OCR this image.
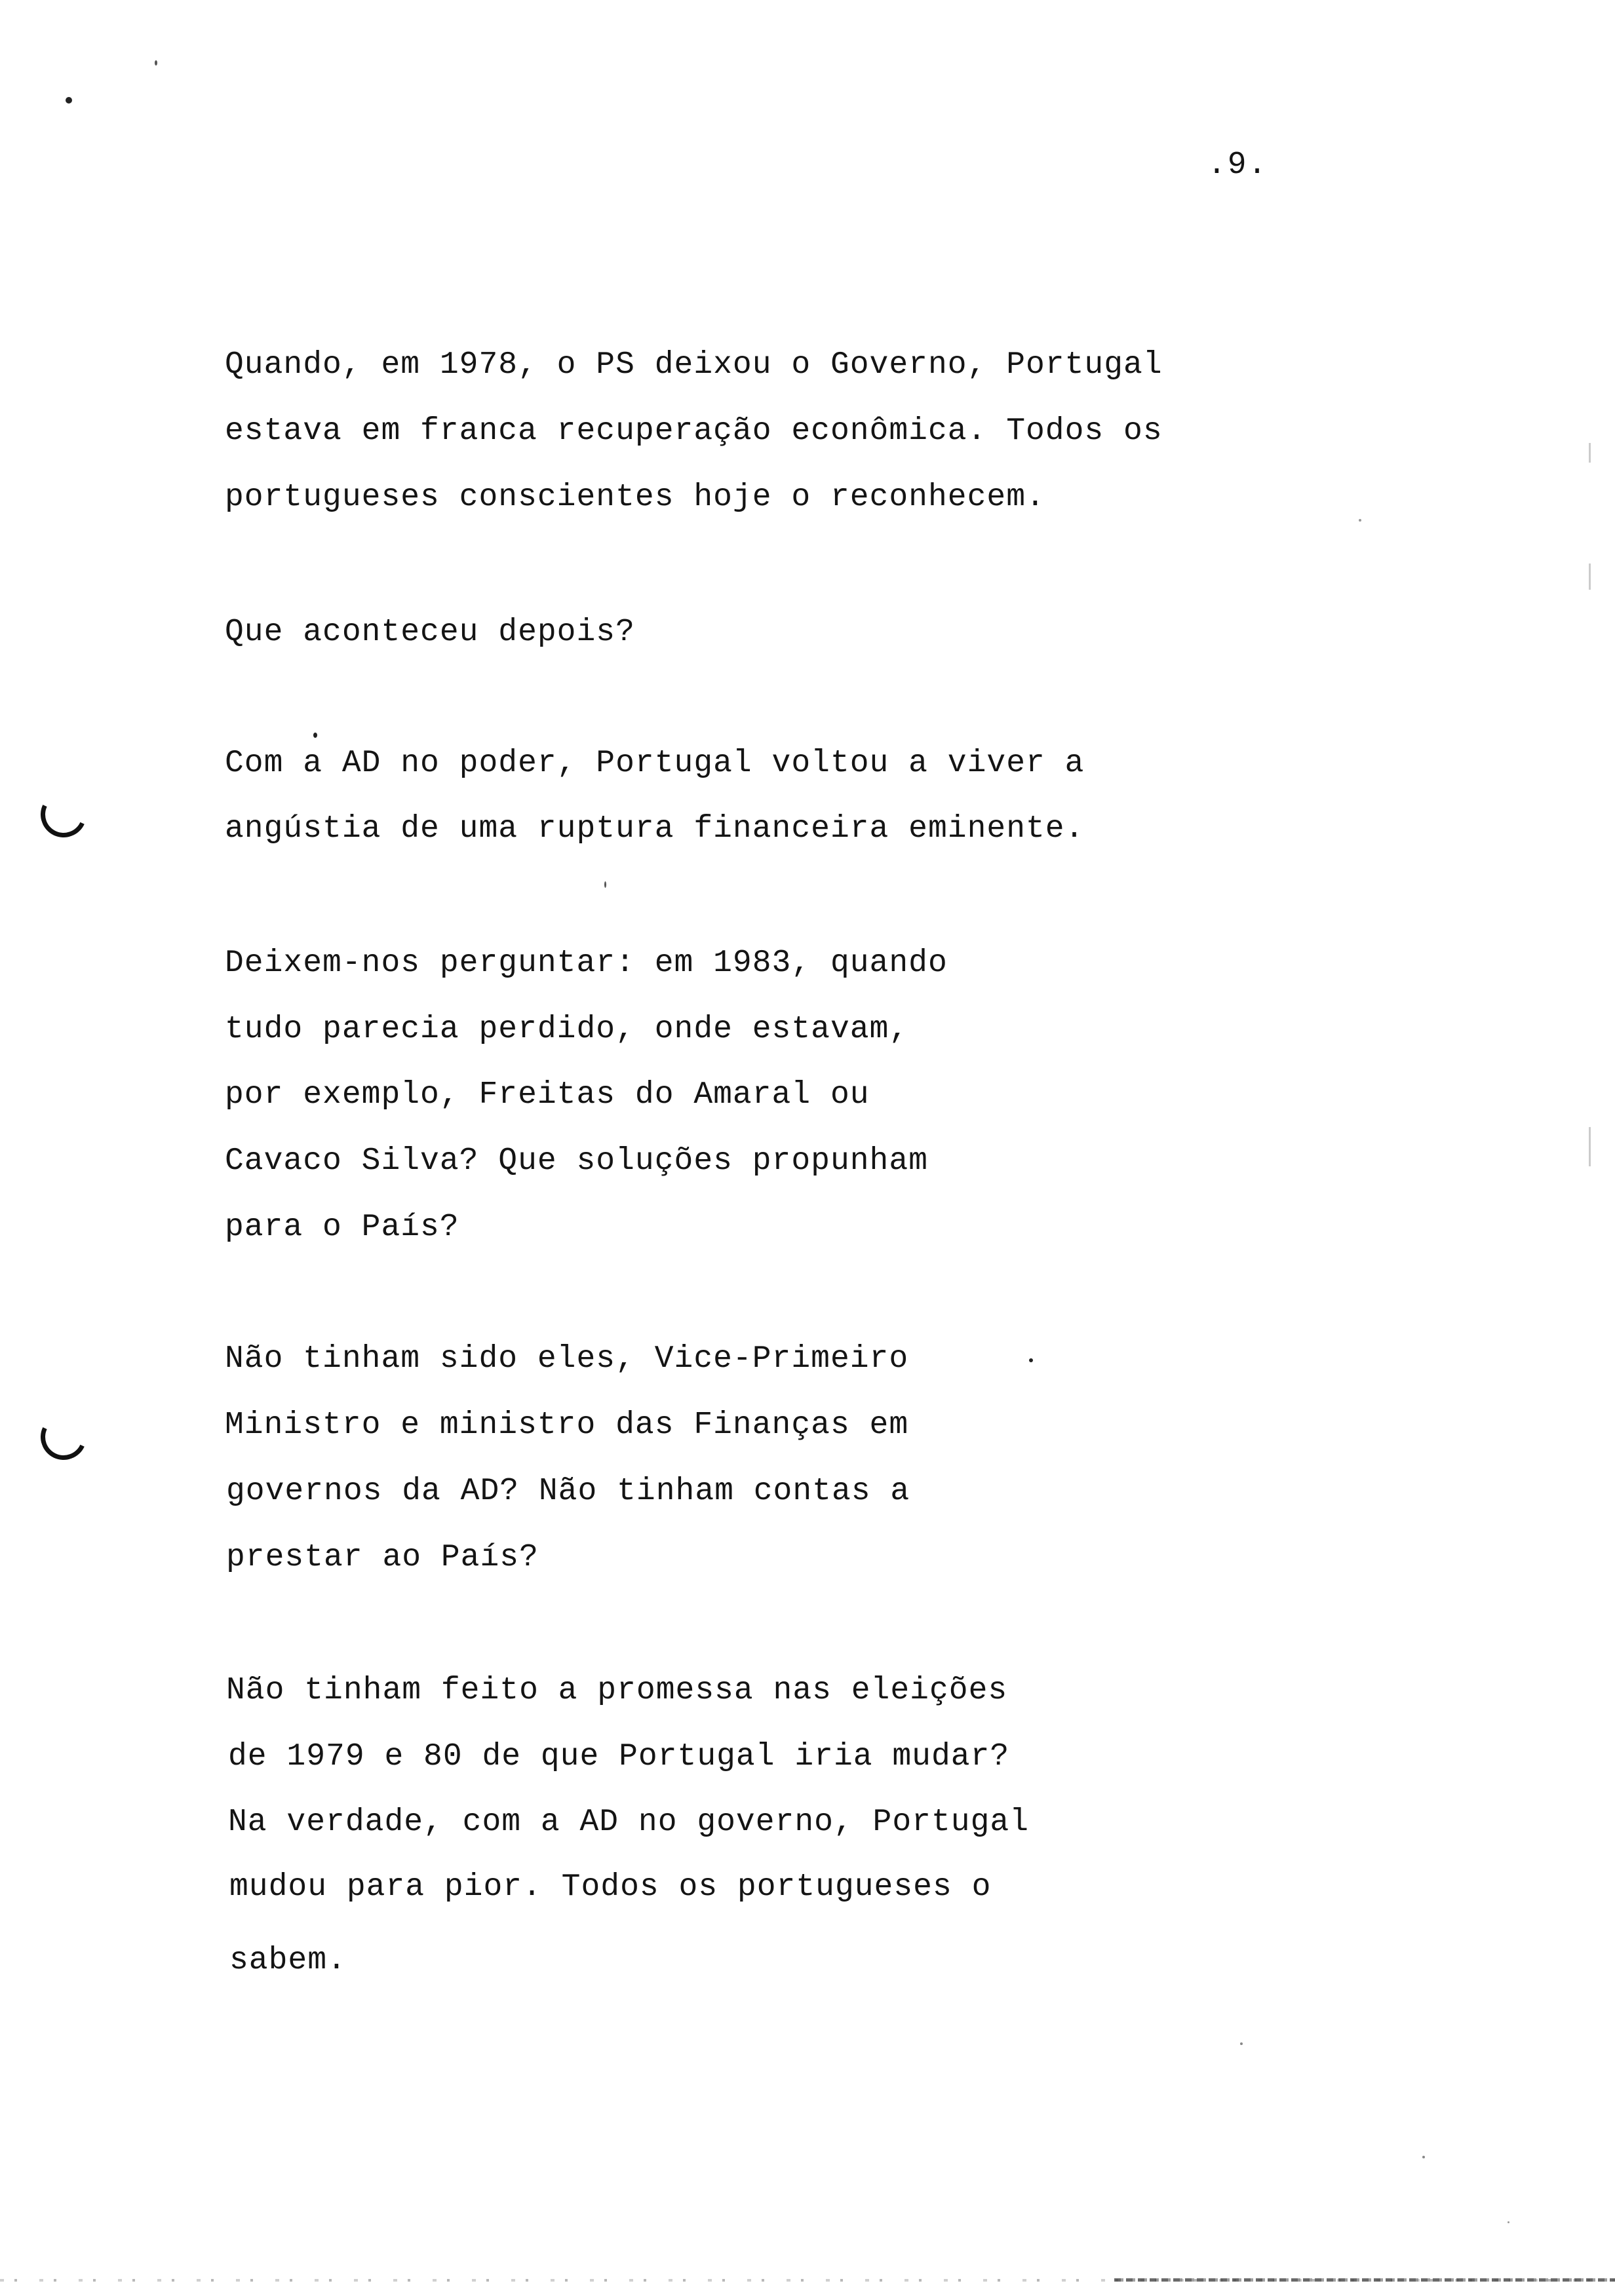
.9.
Quando, em 1978, o PS deixou o Governo, Portugal
estava em franca recuperação econômica. Todos os
portugueses conscientes hoje o reconhecem.
Que aconteceu depois?
Com a AD no poder, Portugal voltou a viver a
angústia de uma ruptura financeira eminente.
Deixem-nos perguntar: em 1983, quando
tudo parecia perdido, onde estavam,
por exemplo, Freitas do Amaral ou
Cavaco Silva? Que soluções propunham
para o País?
Não tinham sido eles, Vice-Primeiro
Ministro e ministro das Finanças em
governos da AD? Não tinham contas a
prestar ao País?
Não tinham feito a promessa nas eleições
de 1979 e 80 de que Portugal iria mudar?
Na verdade, com a AD no governo, Portugal
mudou para pior. Todos os portugueses o
sabem.
